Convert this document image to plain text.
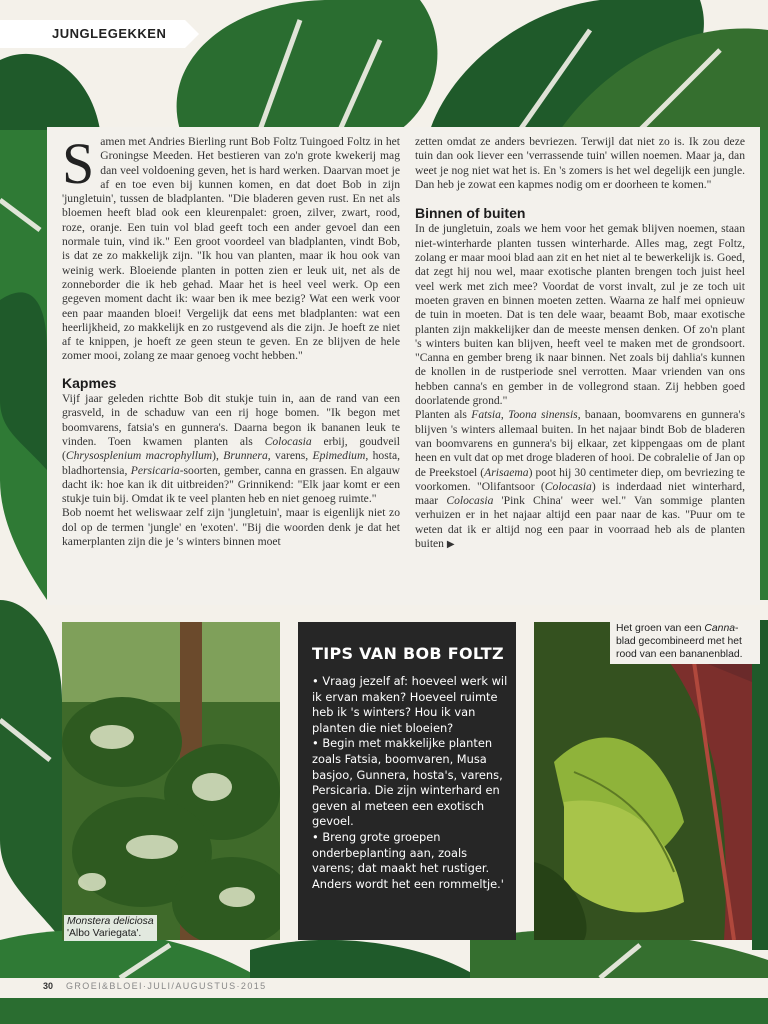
JUNGLEGEKKEN

Samen met Andries Bierling runt Bob Foltz Tuingoed Foltz in het Groningse Meeden. Het bestieren van zo'n grote kwekerij mag dan veel voldoening geven, het is hard werken. Daarvan moet je af en toe even bij kunnen komen, en dat doet Bob in zijn 'jungletuin', tussen de bladplanten. "Die bladeren geven rust. En net als bloemen heeft blad ook een kleurenpalet: groen, zilver, zwart, rood, roze, oranje. Een tuin vol blad geeft toch een ander gevoel dan een normale tuin, vind ik." Een groot voordeel van bladplanten, vindt Bob, is dat ze zo makkelijk zijn. "Ik hou van planten, maar ik hou ook van weinig werk. Bloeiende planten in potten zien er leuk uit, net als de zonneborder die ik heb gehad. Maar het is heel veel werk. Op een gegeven moment dacht ik: waar ben ik mee bezig? Wat een werk voor een paar maanden bloei! Vergelijk dat eens met bladplanten: wat een heerlijkheid, zo makkelijk en zo rustgevend als die zijn. Je hoeft ze niet af te knippen, je hoeft ze geen steun te geven. En ze blijven de hele zomer mooi, zolang ze maar genoeg vocht hebben."

Kapmes

Vijf jaar geleden richtte Bob dit stukje tuin in, aan de rand van een grasveld, in de schaduw van een rij hoge bomen. "Ik begon met boomvarens, fatsia's en gunnera's. Daarna begon ik bananen leuk te vinden. Toen kwamen planten als Colocasia erbij, goudveil (Chrysosplenium macrophyllum), Brunnera, varens, Epimedium, hosta, bladhortensia, Persicaria-soorten, gember, canna en grassen. En algauw dacht ik: hoe kan ik dit uitbreiden?" Grinnikend: "Elk jaar komt er een stukje tuin bij. Omdat ik te veel planten heb en niet genoeg ruimte."

Bob noemt het weliswaar zelf zijn 'jungletuin', maar is eigenlijk niet zo dol op de termen 'jungle' en 'exoten'. "Bij die woorden denk je dat het kamerplanten zijn die je 's winters binnen moet

zetten omdat ze anders bevriezen. Terwijl dat niet zo is. Ik zou deze tuin dan ook liever een 'verrassende tuin' willen noemen. Maar ja, dan weet je nog niet wat het is. En 's zomers is het wel degelijk een jungle. Dan heb je zowat een kapmes nodig om er doorheen te komen."

Binnen of buiten

In de jungletuin, zoals we hem voor het gemak blijven noemen, staan niet-winterharde planten tussen winterharde. Alles mag, zegt Foltz, zolang er maar mooi blad aan zit en het niet al te bewerkelijk is. Goed, dat zegt hij nou wel, maar exotische planten brengen toch juist heel veel werk met zich mee? Voordat de vorst invalt, zul je ze toch uit moeten graven en binnen moeten zetten. Waarna ze half mei opnieuw de tuin in moeten. Dat is ten dele waar, beaamt Bob, maar exotische planten zijn makkelijker dan de meeste mensen denken. Of zo'n plant 's winters buiten kan blijven, heeft veel te maken met de grondsoort. "Canna en gember breng ik naar binnen. Net zoals bij dahlia's kunnen de knollen in de rustperiode snel verrotten. Maar vrienden van ons hebben canna's en gember in de vollegrond staan. Zij hebben goed doorlatende grond."

Planten als Fatsia, Toona sinensis, banaan, boomvarens en gunnera's blijven 's winters allemaal buiten. In het najaar bindt Bob de bladeren van boomvarens en gunnera's bij elkaar, zet kippengaas om de plant heen en vult dat op met droge bladeren of hooi. De cobralelie of Jan op de Preekstoel (Arisaema) poot hij 30 centimeter diep, om bevriezing te voorkomen. "Olifantsoor (Colocasia) is inderdaad niet winterhard, maar Colocasia 'Pink China' weer wel." Van sommige planten verhuizen er in het najaar altijd een paar naar de kas. "Puur om te weten dat ik er altijd nog een paar in voorraad heb als de planten buiten ▶

Monstera deliciosa
'Albo Variegata'.
TIPS VAN BOB FOLTZ
• Vraag jezelf af: hoeveel werk wil ik ervan maken? Hoeveel ruimte heb ik 's winters? Hou ik van planten die niet bloeien?
• Begin met makkelijke planten zoals Fatsia, boomvaren, Musa basjoo, Gunnera, hosta's, varens, Persicaria. Die zijn winterhard en geven al meteen een exotisch gevoel.
• Breng grote groepen onderbeplanting aan, zoals varens; dat maakt het rustiger. Anders wordt het een rommeltje.'
Het groen van een Canna-blad gecombineerd met het rood van een bananenblad.
30 GROEI&BLOEI·JULI/AUGUSTUS·2015
